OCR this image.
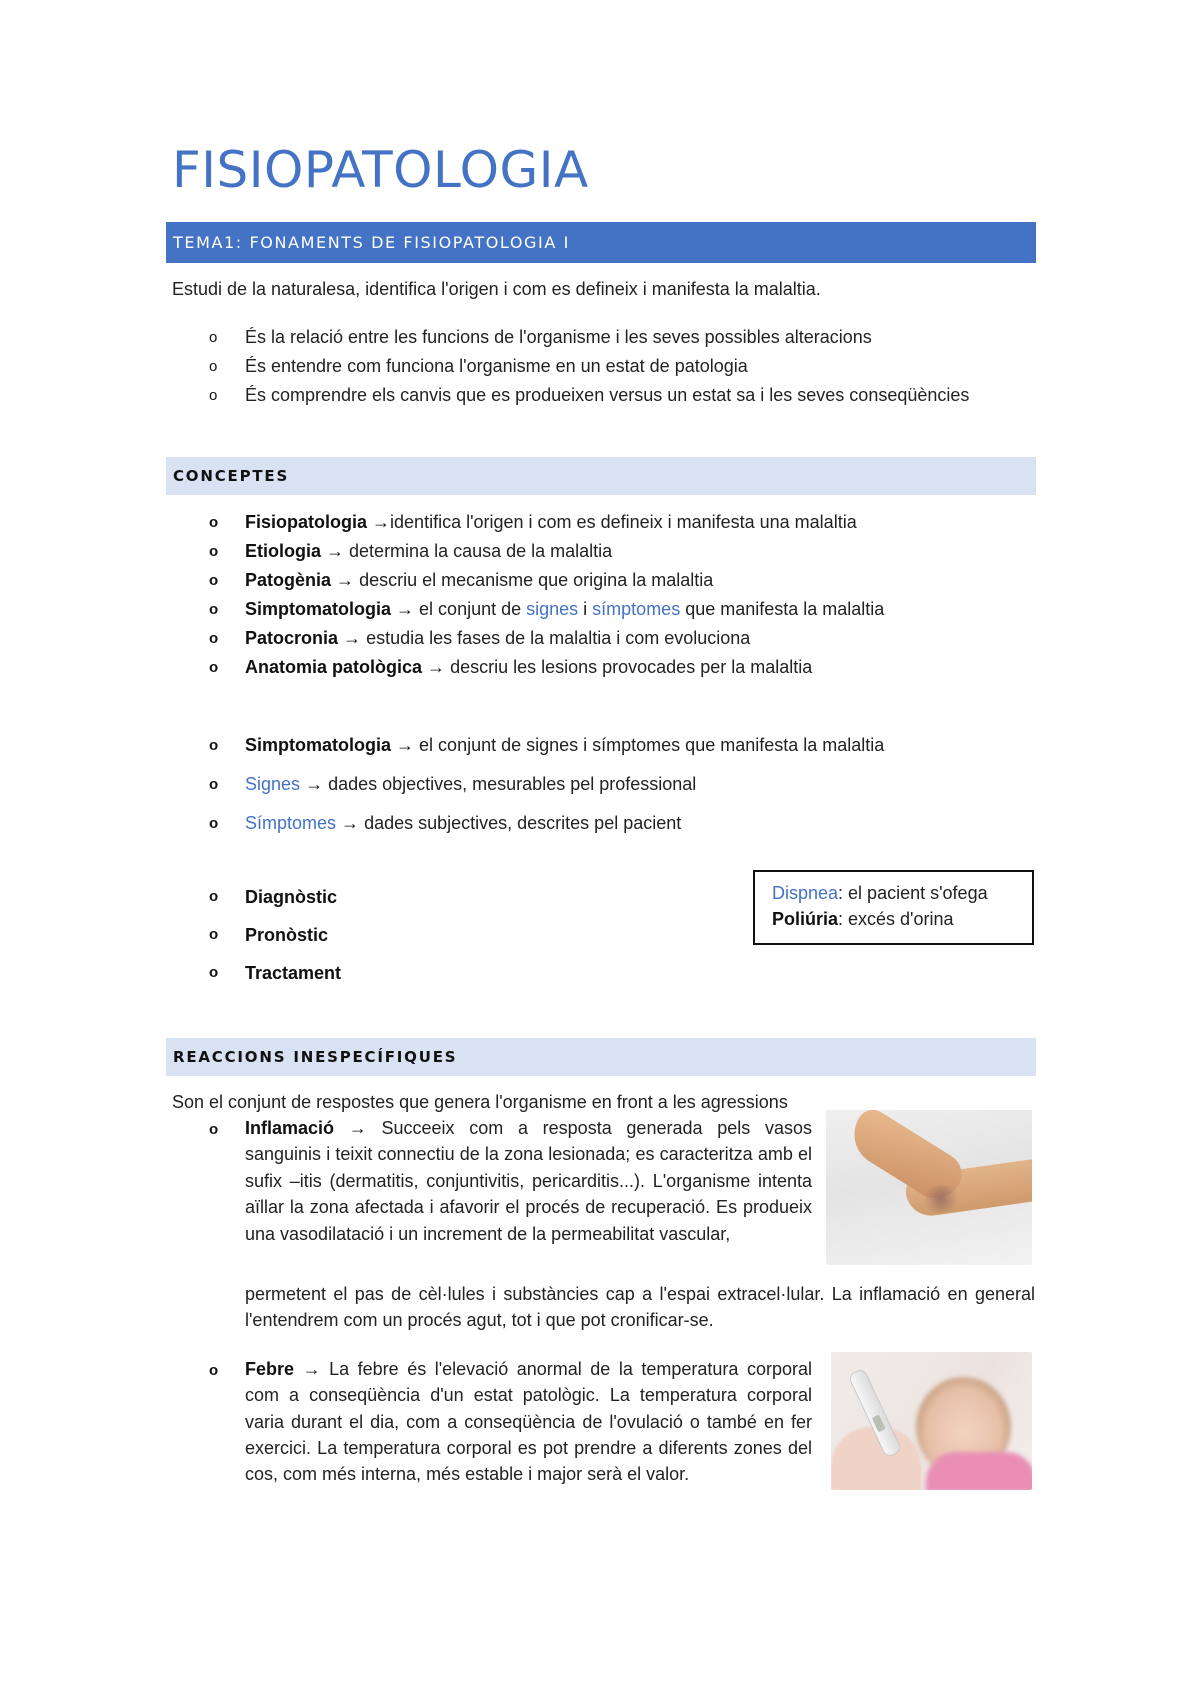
FISIOPATOLOGIA
TEMA1: FONAMENTS DE FISIOPATOLOGIA I
Estudi de la naturalesa, identifica l'origen i com es defineix i manifesta la malaltia.
o És la relació entre les funcions de l'organisme i les seves possibles alteracions
o És entendre com funciona l'organisme en un estat de patologia
o És comprendre els canvis que es produeixen versus un estat sa i les seves conseqüències
CONCEPTES
o Fisiopatologia →identifica l'origen i com es defineix i manifesta una malaltia
o Etiologia → determina la causa de la malaltia
o Patogènia → descriu el mecanisme que origina la malaltia
o Simptomatologia → el conjunt de signes i símptomes que manifesta la malaltia
o Patocronia → estudia les fases de la malaltia i com evoluciona
o Anatomia patològica → descriu les lesions provocades per la malaltia
o Simptomatologia → el conjunt de signes i símptomes que manifesta la malaltia
o Signes → dades objectives, mesurables pel professional
o Símptomes → dades subjectives, descrites pel pacient
o Diagnòstic
o Pronòstic
o Tractament
Dispnea: el pacient s'ofega
Poliúria: excés d'orina
REACCIONS INESPECÍFIQUES
Son el conjunt de respostes que genera l'organisme en front a les agressions
o Inflamació → Succeeix com a resposta generada pels vasos sanguinis i teixit connectiu de la zona lesionada; es caracteritza amb el sufix –itis (dermatitis, conjuntivitis, pericarditis...). L'organisme intenta aïllar la zona afectada i afavorir el procés de recuperació. Es produeix una vasodilatació i un increment de la permeabilitat vascular,
permetent el pas de cèl·lules i substàncies cap a l'espai extracel·lular. La inflamació en general l'entendrem com un procés agut, tot i que pot cronificar-se.
o Febre → La febre és l'elevació anormal de la temperatura corporal com a conseqüència d'un estat patològic. La temperatura corporal varia durant el dia, com a conseqüència de l'ovulació o també en fer exercici. La temperatura corporal es pot prendre a diferents zones del cos, com més interna, més estable i major serà el valor.
